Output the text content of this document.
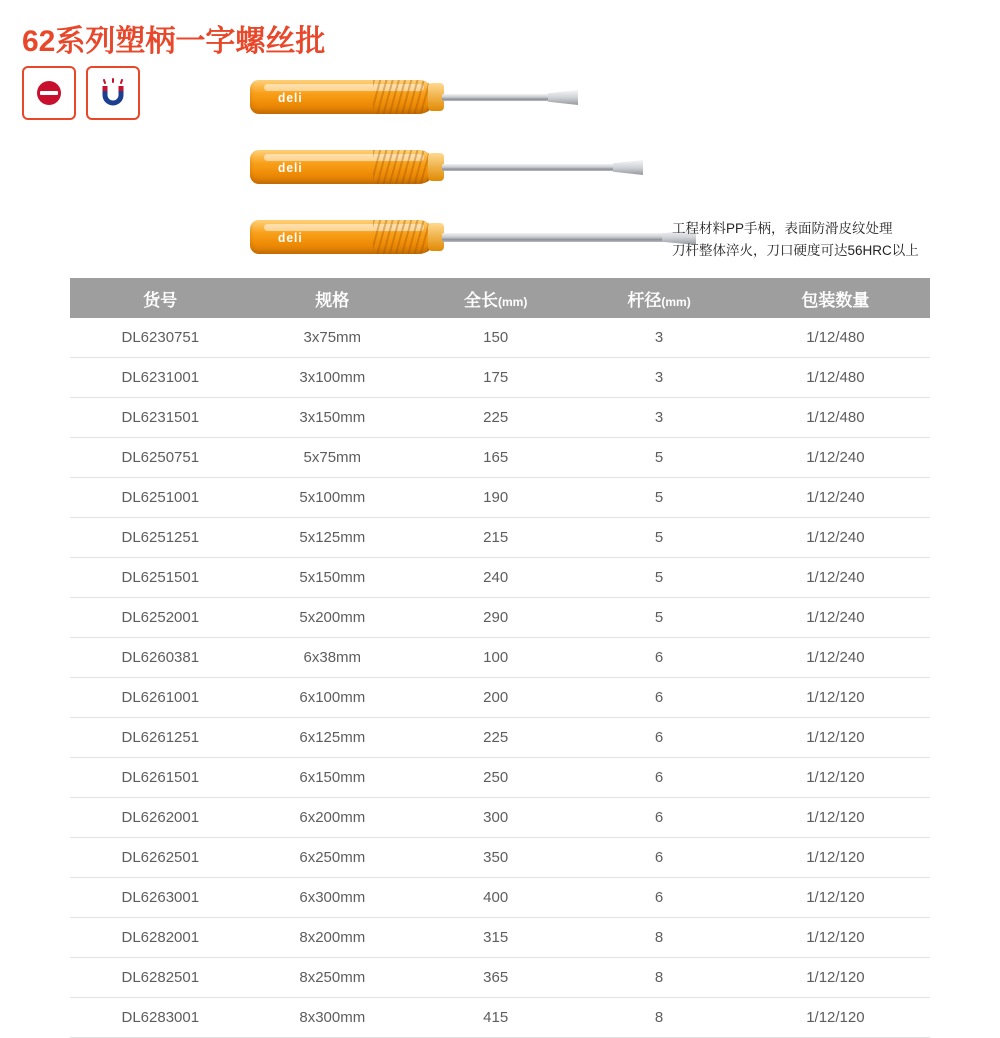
62系列塑柄一字螺丝批
deli
deli
deli
工程材料PP手柄，表面防滑皮纹处理
刀杆整体淬火，刀口硬度可达56HRC以上
货号	规格	全长(mm)	杆径(mm)	包装数量
DL6230751	3x75mm	150	3	1/12/480
DL6231001	3x100mm	175	3	1/12/480
DL6231501	3x150mm	225	3	1/12/480
DL6250751	5x75mm	165	5	1/12/240
DL6251001	5x100mm	190	5	1/12/240
DL6251251	5x125mm	215	5	1/12/240
DL6251501	5x150mm	240	5	1/12/240
DL6252001	5x200mm	290	5	1/12/240
DL6260381	6x38mm	100	6	1/12/240
DL6261001	6x100mm	200	6	1/12/120
DL6261251	6x125mm	225	6	1/12/120
DL6261501	6x150mm	250	6	1/12/120
DL6262001	6x200mm	300	6	1/12/120
DL6262501	6x250mm	350	6	1/12/120
DL6263001	6x300mm	400	6	1/12/120
DL6282001	8x200mm	315	8	1/12/120
DL6282501	8x250mm	365	8	1/12/120
DL6283001	8x300mm	415	8	1/12/120
